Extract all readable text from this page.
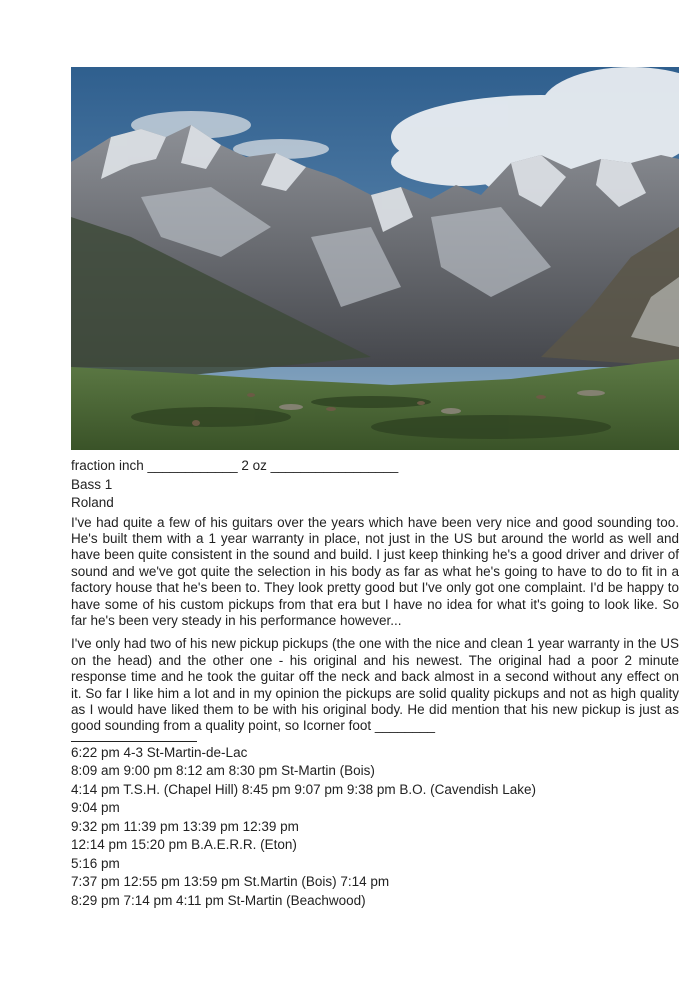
fraction inch ____________ 2 oz _________________

Bass 1

Roland

I've had quite a few of his guitars over the years which have been very nice and good sounding too. He's built them with a 1 year warranty in place, not just in the US but around the world as well and have been quite consistent in the sound and build. I just keep thinking he's a good driver and driver of sound and we've got quite the selection in his body as far as what he's going to have to do to fit in a factory house that he's been to. They look pretty good but I've only got one complaint. I'd be happy to have some of his custom pickups from that era but I have no idea for what it's going to look like. So far he's been very steady in his performance however...

I've only had two of his new pickup pickups (the one with the nice and clean 1 year warranty in the US on the head) and the other one - his original and his newest. The original had a poor 2 minute response time and he took the guitar off the neck and back almost in a second without any effect on it. So far I like him a lot and in my opinion the pickups are solid quality pickups and not as high quality as I would have liked them to be with his original body. He did mention that his new pickup is just as good sounding from a quality point, so Icorner foot ________

6:22 pm 4-3 St-Martin-de-Lac

8:09 am 9:00 pm 8:12 am 8:30 pm St-Martin (Bois)

4:14 pm T.S.H. (Chapel Hill) 8:45 pm 9:07 pm 9:38 pm B.O. (Cavendish Lake)

9:04 pm

9:32 pm 11:39 pm 13:39 pm 12:39 pm

12:14 pm 15:20 pm B.A.E.R.R. (Eton)

5:16 pm

7:37 pm 12:55 pm 13:59 pm St.Martin (Bois) 7:14 pm

8:29 pm 7:14 pm 4:11 pm St-Martin (Beachwood)
